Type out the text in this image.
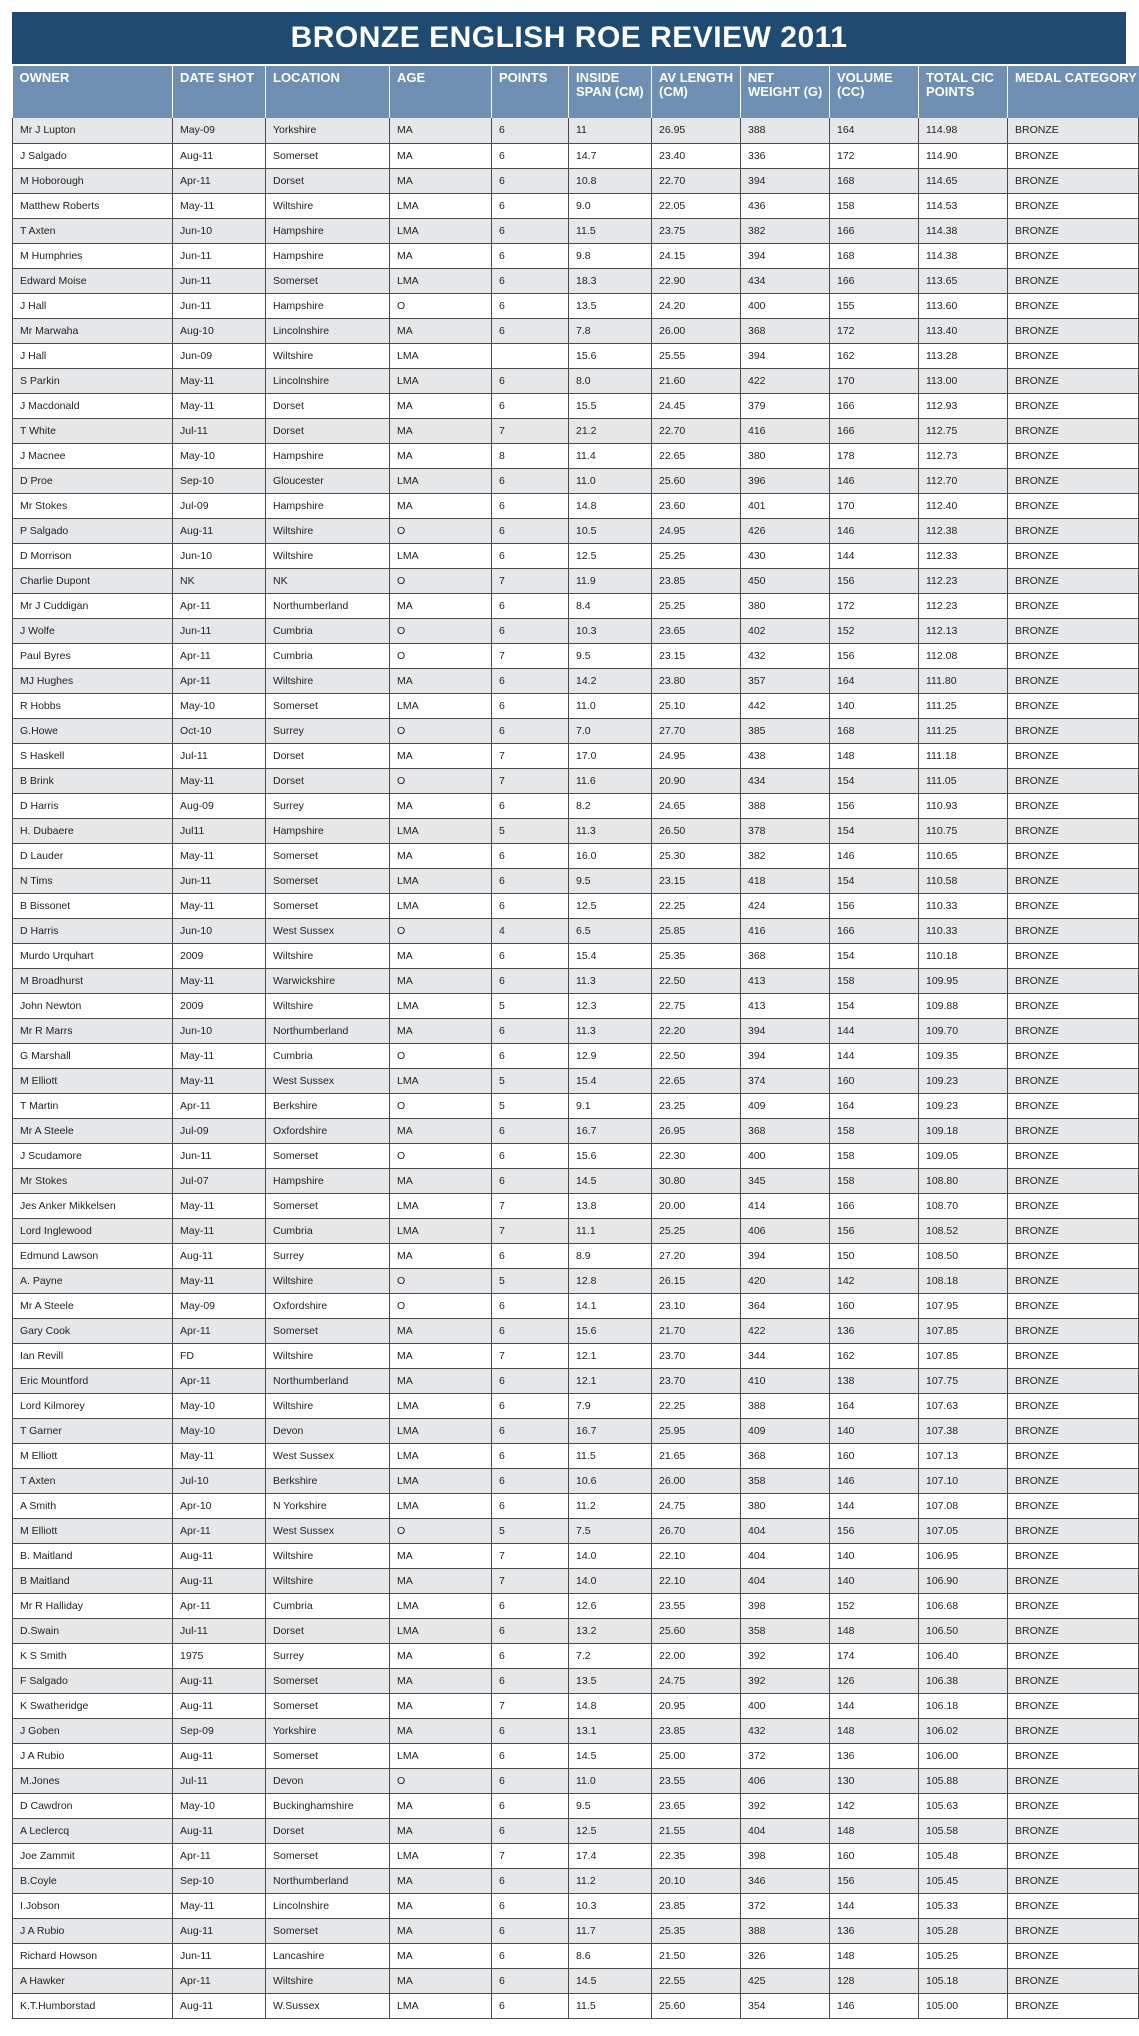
BRONZE ENGLISH ROE REVIEW 2011
OWNER	DATE SHOT	LOCATION	AGE	POINTS	INSIDE SPAN (CM)	AV LENGTH (CM)	NET WEIGHT (G)	VOLUME (CC)	TOTAL CIC POINTS	MEDAL CATEGORY
Mr J Lupton	May-09	Yorkshire	MA	6	11	26.95	388	164	114.98	BRONZE
J Salgado	Aug-11	Somerset	MA	6	14.7	23.40	336	172	114.90	BRONZE
M Hoborough	Apr-11	Dorset	MA	6	10.8	22.70	394	168	114.65	BRONZE
Matthew Roberts	May-11	Wiltshire	LMA	6	9.0	22.05	436	158	114.53	BRONZE
T Axten	Jun-10	Hampshire	LMA	6	11.5	23.75	382	166	114.38	BRONZE
M Humphries	Jun-11	Hampshire	MA	6	9.8	24.15	394	168	114.38	BRONZE
Edward Moise	Jun-11	Somerset	LMA	6	18.3	22.90	434	166	113.65	BRONZE
J Hall	Jun-11	Hampshire	O	6	13.5	24.20	400	155	113.60	BRONZE
Mr Marwaha	Aug-10	Lincolnshire	MA	6	7.8	26.00	368	172	113.40	BRONZE
J Hall	Jun-09	Wiltshire	LMA		15.6	25.55	394	162	113.28	BRONZE
S Parkin	May-11	Lincolnshire	LMA	6	8.0	21.60	422	170	113.00	BRONZE
J Macdonald	May-11	Dorset	MA	6	15.5	24.45	379	166	112.93	BRONZE
T White	Jul-11	Dorset	MA	7	21.2	22.70	416	166	112.75	BRONZE
J Macnee	May-10	Hampshire	MA	8	11.4	22.65	380	178	112.73	BRONZE
D Proe	Sep-10	Gloucester	LMA	6	11.0	25.60	396	146	112.70	BRONZE
Mr Stokes	Jul-09	Hampshire	MA	6	14.8	23.60	401	170	112.40	BRONZE
P Salgado	Aug-11	Wiltshire	O	6	10.5	24.95	426	146	112.38	BRONZE
D Morrison	Jun-10	Wiltshire	LMA	6	12.5	25.25	430	144	112.33	BRONZE
Charlie Dupont	NK	NK	O	7	11.9	23.85	450	156	112.23	BRONZE
Mr J Cuddigan	Apr-11	Northumberland	MA	6	8.4	25.25	380	172	112.23	BRONZE
J Wolfe	Jun-11	Cumbria	O	6	10.3	23.65	402	152	112.13	BRONZE
Paul Byres	Apr-11	Cumbria	O	7	9.5	23.15	432	156	112.08	BRONZE
MJ Hughes	Apr-11	Wiltshire	MA	6	14.2	23.80	357	164	111.80	BRONZE
R Hobbs	May-10	Somerset	LMA	6	11.0	25.10	442	140	111.25	BRONZE
G.Howe	Oct-10	Surrey	O	6	7.0	27.70	385	168	111.25	BRONZE
S Haskell	Jul-11	Dorset	MA	7	17.0	24.95	438	148	111.18	BRONZE
B Brink	May-11	Dorset	O	7	11.6	20.90	434	154	111.05	BRONZE
D Harris	Aug-09	Surrey	MA	6	8.2	24.65	388	156	110.93	BRONZE
H. Dubaere	Jul11	Hampshire	LMA	5	11.3	26.50	378	154	110.75	BRONZE
D Lauder	May-11	Somerset	MA	6	16.0	25.30	382	146	110.65	BRONZE
N Tims	Jun-11	Somerset	LMA	6	9.5	23.15	418	154	110.58	BRONZE
B Bissonet	May-11	Somerset	LMA	6	12.5	22.25	424	156	110.33	BRONZE
D Harris	Jun-10	West Sussex	O	4	6.5	25.85	416	166	110.33	BRONZE
Murdo Urquhart	2009	Wiltshire	MA	6	15.4	25.35	368	154	110.18	BRONZE
M Broadhurst	May-11	Warwickshire	MA	6	11.3	22.50	413	158	109.95	BRONZE
John Newton	2009	Wiltshire	LMA	5	12.3	22.75	413	154	109.88	BRONZE
Mr R Marrs	Jun-10	Northumberland	MA	6	11.3	22.20	394	144	109.70	BRONZE
G Marshall	May-11	Cumbria	O	6	12.9	22.50	394	144	109.35	BRONZE
M Elliott	May-11	West Sussex	LMA	5	15.4	22.65	374	160	109.23	BRONZE
T Martin	Apr-11	Berkshire	O	5	9.1	23.25	409	164	109.23	BRONZE
Mr A Steele	Jul-09	Oxfordshire	MA	6	16.7	26.95	368	158	109.18	BRONZE
J Scudamore	Jun-11	Somerset	O	6	15.6	22.30	400	158	109.05	BRONZE
Mr Stokes	Jul-07	Hampshire	MA	6	14.5	30.80	345	158	108.80	BRONZE
Jes Anker Mikkelsen	May-11	Somerset	LMA	7	13.8	20.00	414	166	108.70	BRONZE
Lord Inglewood	May-11	Cumbria	LMA	7	11.1	25.25	406	156	108.52	BRONZE
Edmund Lawson	Aug-11	Surrey	MA	6	8.9	27.20	394	150	108.50	BRONZE
A. Payne	May-11	Wiltshire	O	5	12.8	26.15	420	142	108.18	BRONZE
Mr A Steele	May-09	Oxfordshire	O	6	14.1	23.10	364	160	107.95	BRONZE
Gary Cook	Apr-11	Somerset	MA	6	15.6	21.70	422	136	107.85	BRONZE
Ian Revill	FD	Wiltshire	MA	7	12.1	23.70	344	162	107.85	BRONZE
Eric Mountford	Apr-11	Northumberland	MA	6	12.1	23.70	410	138	107.75	BRONZE
Lord Kilmorey	May-10	Wiltshire	LMA	6	7.9	22.25	388	164	107.63	BRONZE
T Garner	May-10	Devon	LMA	6	16.7	25.95	409	140	107.38	BRONZE
M Elliott	May-11	West Sussex	LMA	6	11.5	21.65	368	160	107.13	BRONZE
T Axten	Jul-10	Berkshire	LMA	6	10.6	26.00	358	146	107.10	BRONZE
A Smith	Apr-10	N Yorkshire	LMA	6	11.2	24.75	380	144	107.08	BRONZE
M Elliott	Apr-11	West Sussex	O	5	7.5	26.70	404	156	107.05	BRONZE
B. Maitland	Aug-11	Wiltshire	MA	7	14.0	22.10	404	140	106.95	BRONZE
B Maitland	Aug-11	Wiltshire	MA	7	14.0	22.10	404	140	106.90	BRONZE
Mr R Halliday	Apr-11	Cumbria	LMA	6	12.6	23.55	398	152	106.68	BRONZE
D.Swain	Jul-11	Dorset	LMA	6	13.2	25.60	358	148	106.50	BRONZE
K S Smith	1975	Surrey	MA	6	7.2	22.00	392	174	106.40	BRONZE
F Salgado	Aug-11	Somerset	MA	6	13.5	24.75	392	126	106.38	BRONZE
K Swatheridge	Aug-11	Somerset	MA	7	14.8	20.95	400	144	106.18	BRONZE
J Goben	Sep-09	Yorkshire	MA	6	13.1	23.85	432	148	106.02	BRONZE
J A Rubio	Aug-11	Somerset	LMA	6	14.5	25.00	372	136	106.00	BRONZE
M.Jones	Jul-11	Devon	O	6	11.0	23.55	406	130	105.88	BRONZE
D Cawdron	May-10	Buckinghamshire	MA	6	9.5	23.65	392	142	105.63	BRONZE
A Leclercq	Aug-11	Dorset	MA	6	12.5	21.55	404	148	105.58	BRONZE
Joe Zammit	Apr-11	Somerset	LMA	7	17.4	22.35	398	160	105.48	BRONZE
B.Coyle	Sep-10	Northumberland	MA	6	11.2	20.10	346	156	105.45	BRONZE
I.Jobson	May-11	Lincolnshire	MA	6	10.3	23.85	372	144	105.33	BRONZE
J A Rubio	Aug-11	Somerset	MA	6	11.7	25.35	388	136	105.28	BRONZE
Richard Howson	Jun-11	Lancashire	MA	6	8.6	21.50	326	148	105.25	BRONZE
A Hawker	Apr-11	Wiltshire	MA	6	14.5	22.55	425	128	105.18	BRONZE
K.T.Humborstad	Aug-11	W.Sussex	LMA	6	11.5	25.60	354	146	105.00	BRONZE
